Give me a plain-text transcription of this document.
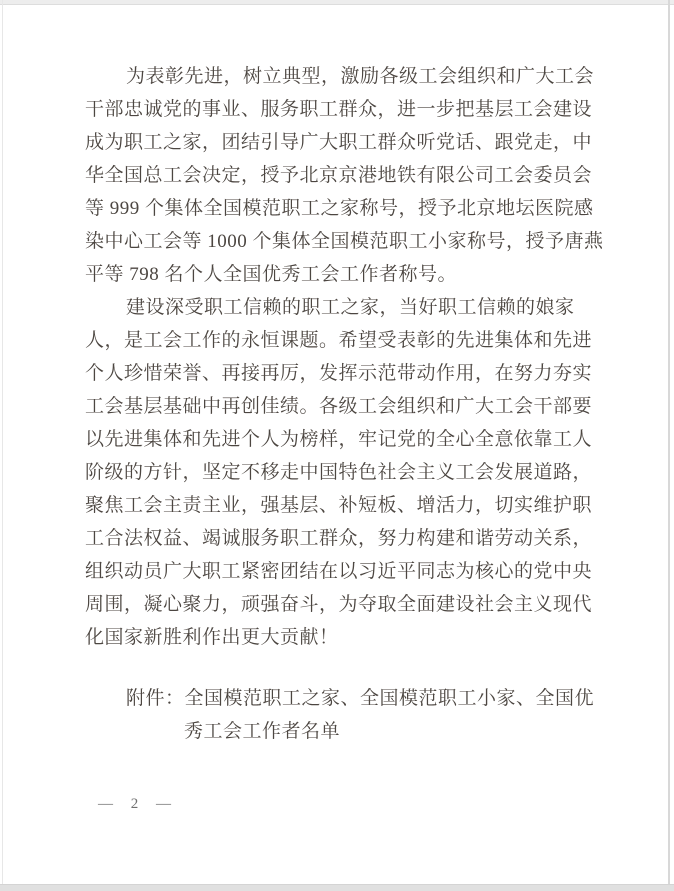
为表彰先进，树立典型，激励各级工会组织和广大工会
干部忠诚党的事业、服务职工群众，进一步把基层工会建设
成为职工之家，团结引导广大职工群众听党话、跟党走，中
华全国总工会决定，授予北京京港地铁有限公司工会委员会
等 999 个集体全国模范职工之家称号，授予北京地坛医院感
染中心工会等 1000 个集体全国模范职工小家称号，授予唐燕
平等 798 名个人全国优秀工会工作者称号。
建设深受职工信赖的职工之家，当好职工信赖的娘家
人，是工会工作的永恒课题。希望受表彰的先进集体和先进
个人珍惜荣誉、再接再厉，发挥示范带动作用，在努力夯实
工会基层基础中再创佳绩。各级工会组织和广大工会干部要
以先进集体和先进个人为榜样，牢记党的全心全意依靠工人
阶级的方针，坚定不移走中国特色社会主义工会发展道路，
聚焦工会主责主业，强基层、补短板、增活力，切实维护职
工合法权益、竭诚服务职工群众，努力构建和谐劳动关系，
组织动员广大职工紧密团结在以习近平同志为核心的党中央
周围，凝心聚力，顽强奋斗，为夺取全面建设社会主义现代
化国家新胜利作出更大贡献！
附件：全国模范职工之家、全国模范职工小家、全国优
秀工会工作者名单
— 2 —
